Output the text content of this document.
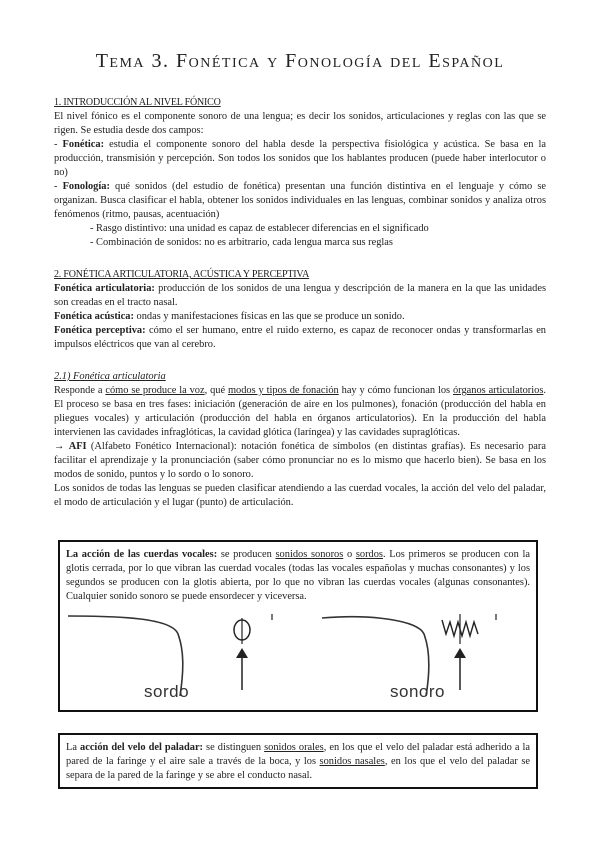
Tema 3. Fonética y Fonología del Español
1. INTRODUCCIÓN AL NIVEL FÓNICO
El nivel fónico es el componente sonoro de una lengua; es decir los sonidos, articulaciones y reglas con las que se rigen. Se estudia desde dos campos:
- Fonética: estudia el componente sonoro del habla desde la perspectiva fisiológica y acústica. Se basa en la producción, transmisión y percepción. Son todos los sonidos que los hablantes producen (puede haber interlocutor o no)
- Fonología: qué sonidos (del estudio de fonética) presentan una función distintiva en el lenguaje y cómo se organizan. Busca clasificar el habla, obtener los sonidos individuales en las lenguas, combinar sonidos y analiza otros fenómenos (ritmo, pausas, acentuación)
- Rasgo distintivo: una unidad es capaz de establecer diferencias en el significado
- Combinación de sonidos: no es arbitrario, cada lengua marca sus reglas
2. FONÉTICA ARTICULATORIA, ACÚSTICA Y PERCEPTIVA
Fonética articulatoria: producción de los sonidos de una lengua y descripción de la manera en la que las unidades son creadas en el tracto nasal.
Fonética acústica: ondas y manifestaciones físicas en las que se produce un sonido.
Fonética perceptiva: cómo el ser humano, entre el ruido externo, es capaz de reconocer ondas y transformarlas en impulsos eléctricos que van al cerebro.
2.1) Fonética articulatoria
Responde a cómo se produce la voz, qué modos y tipos de fonación hay y cómo funcionan los órganos articulatorios. El proceso se basa en tres fases: iniciación (generación de aire en los pulmones), fonación (producción del habla en pliegues vocales) y articulación (producción del habla en órganos articulatorios). En la producción del habla intervienen las cavidades infraglóticas, la cavidad glótica (laríngea) y las cavidades supraglóticas.
→ AFI (Alfabeto Fonético Internacional): notación fonética de símbolos (en distintas grafías). Es necesario para facilitar el aprendizaje y la pronunciación (saber cómo pronunciar no es lo mismo que hacerlo bien). Se basa en los modos de sonido, puntos y lo sordo o lo sonoro.
Los sonidos de todas las lenguas se pueden clasificar atendiendo a las cuerdad vocales, la acción del velo del paladar, el modo de articulación y el lugar (punto) de articulación.
La acción de las cuerdas vocales: se producen sonidos sonoros o sordos. Los primeros se producen con la glotis cerrada, por lo que vibran las cuerdad vocales (todas las vocales españolas y muchas consonantes) y los segundos se producen con la glotis abierta, por lo que no vibran las cuerdas vocales (algunas consonantes). Cualquier sonido sonoro se puede ensordecer y viceversa.
sordo	sonoro
La acción del velo del paladar: se distinguen sonidos orales, en los que el velo del paladar está adherido a la pared de la faringe y el aire sale a través de la boca, y los sonidos nasales, en los que el velo del paladar se separa de la pared de la faringe y se abre el conducto nasal.
